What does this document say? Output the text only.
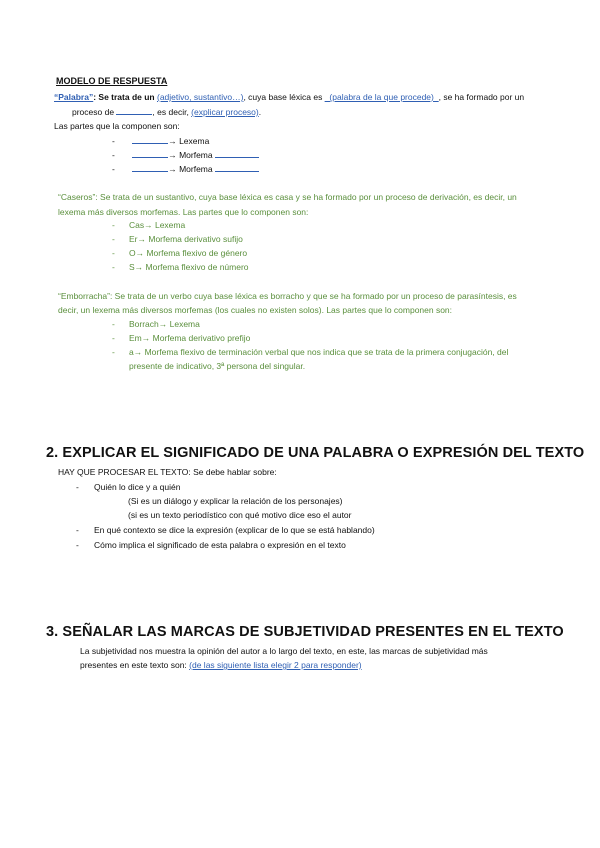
MODELO DE RESPUESTA
“Palabra”: Se trata de un (adjetivo, sustantivo…), cuya base léxica es _(palabra de la que procede)_, se ha formado por un
proceso de	, es decir, (explicar proceso).
Las partes que la componen son:
-	→ Lexema
-	→ Morfema
-	→ Morfema
“Caseros”: Se trata de un sustantivo, cuya base léxica es casa y se ha formado por un proceso de derivación, es decir, un
lexema más diversos morfemas. Las partes que lo componen son:
- Cas→ Lexema
- Er→ Morfema derivativo sufijo
- O→ Morfema flexivo de género
- S→ Morfema flexivo de número
“Emborracha”: Se trata de un verbo cuya base léxica es borracho y que se ha formado por un proceso de parasíntesis, es
decir, un lexema más diversos morfemas (los cuales no existen solos). Las partes que lo componen son:
- Borrach→ Lexema
- Em→ Morfema derivativo prefijo
- a→ Morfema flexivo de terminación verbal que nos indica que se trata de la primera conjugación, del
presente de indicativo, 3ª persona del singular.
2. EXPLICAR EL SIGNIFICADO DE UNA PALABRA O EXPRESIÓN DEL TEXTO
HAY QUE PROCESAR EL TEXTO: Se debe hablar sobre:
- Quién lo dice y a quién
(Si es un diálogo y explicar la relación de los personajes)
(si es un texto periodístico con qué motivo dice eso el autor
- En qué contexto se dice la expresión (explicar de lo que se está hablando)
- Cómo implica el significado de esta palabra o expresión en el texto
3. SEÑALAR LAS MARCAS DE SUBJETIVIDAD PRESENTES EN EL TEXTO
La subjetividad nos muestra la opinión del autor a lo largo del texto, en este, las marcas de subjetividad más
presentes en este texto son: (de las siguiente lista elegir 2 para responder)
